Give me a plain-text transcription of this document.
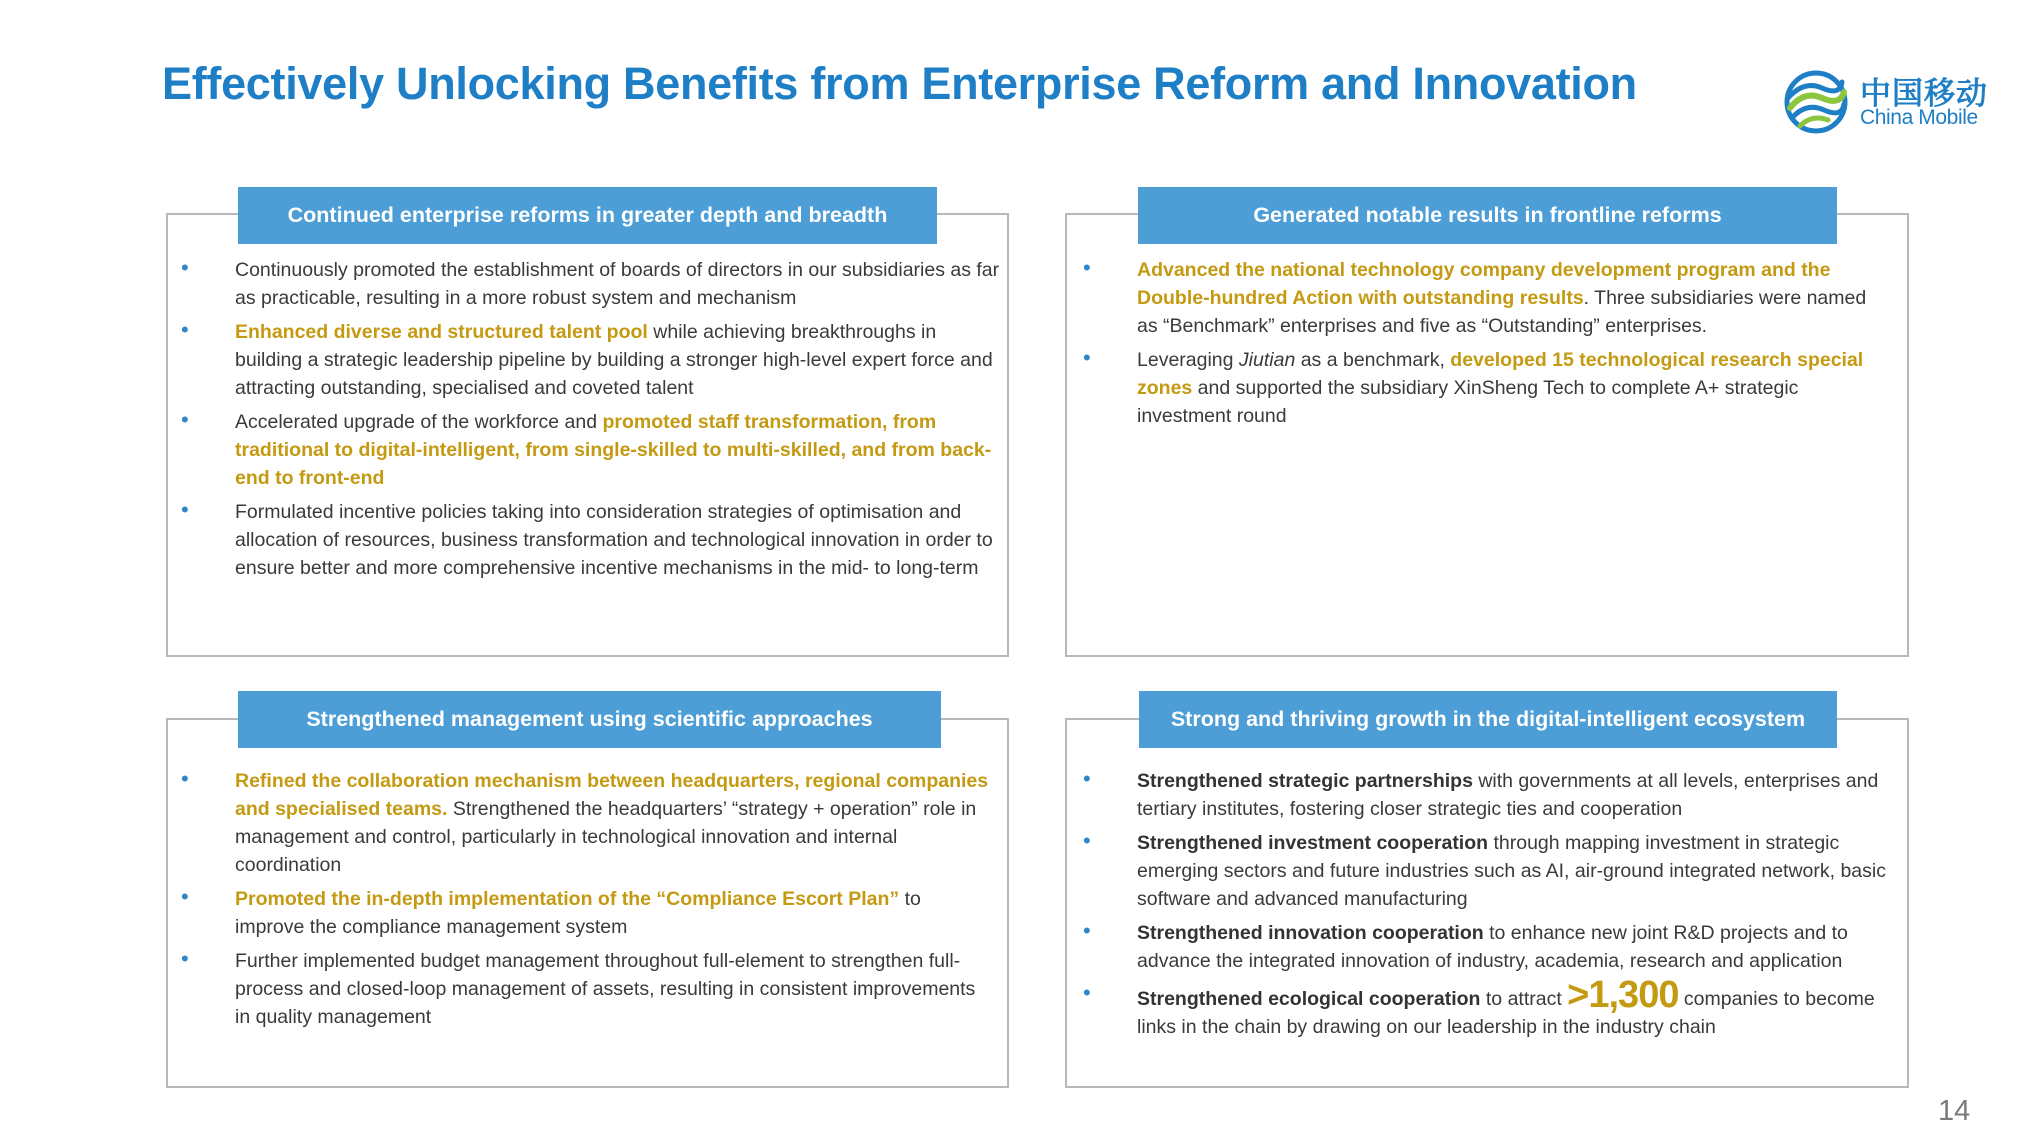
Effectively Unlocking Benefits from Enterprise Reform and Innovation	中国移动
China Mobile
Continued enterprise reforms in greater depth and breadth
• Continuously promoted the establishment of boards of directors in our subsidiaries as far as practicable, resulting in a more robust system and mechanism
• Enhanced diverse and structured talent pool while achieving breakthroughs in building a strategic leadership pipeline by building a stronger high-level expert force and attracting outstanding, specialised and coveted talent
• Accelerated upgrade of the workforce and promoted staff transformation, from traditional to digital-intelligent, from single-skilled to multi-skilled, and from back-end to front-end
• Formulated incentive policies taking into consideration strategies of optimisation and allocation of resources, business transformation and technological innovation in order to ensure better and more comprehensive incentive mechanisms in the mid- to long-term
Generated notable results in frontline reforms
• Advanced the national technology company development program and the Double-hundred Action with outstanding results. Three subsidiaries were named as “Benchmark” enterprises and five as “Outstanding” enterprises.
• Leveraging Jiutian as a benchmark, developed 15 technological research special zones and supported the subsidiary XinSheng Tech to complete A+ strategic investment round
Strengthened management using scientific approaches
• Refined the collaboration mechanism between headquarters, regional companies and specialised teams. Strengthened the headquarters’ “strategy + operation” role in management and control, particularly in technological innovation and internal coordination
• Promoted the in-depth implementation of the “Compliance Escort Plan” to improve the compliance management system
• Further implemented budget management throughout full-element to strengthen full-process and closed-loop management of assets, resulting in consistent improvements in quality management
Strong and thriving growth in the digital-intelligent ecosystem
• Strengthened strategic partnerships with governments at all levels, enterprises and tertiary institutes, fostering closer strategic ties and cooperation
• Strengthened investment cooperation through mapping investment in strategic emerging sectors and future industries such as AI, air-ground integrated network, basic software and advanced manufacturing
• Strengthened innovation cooperation to enhance new joint R&D projects and to advance the integrated innovation of industry, academia, research and application
• Strengthened ecological cooperation to attract >1,300 companies to become links in the chain by drawing on our leadership in the industry chain
14
